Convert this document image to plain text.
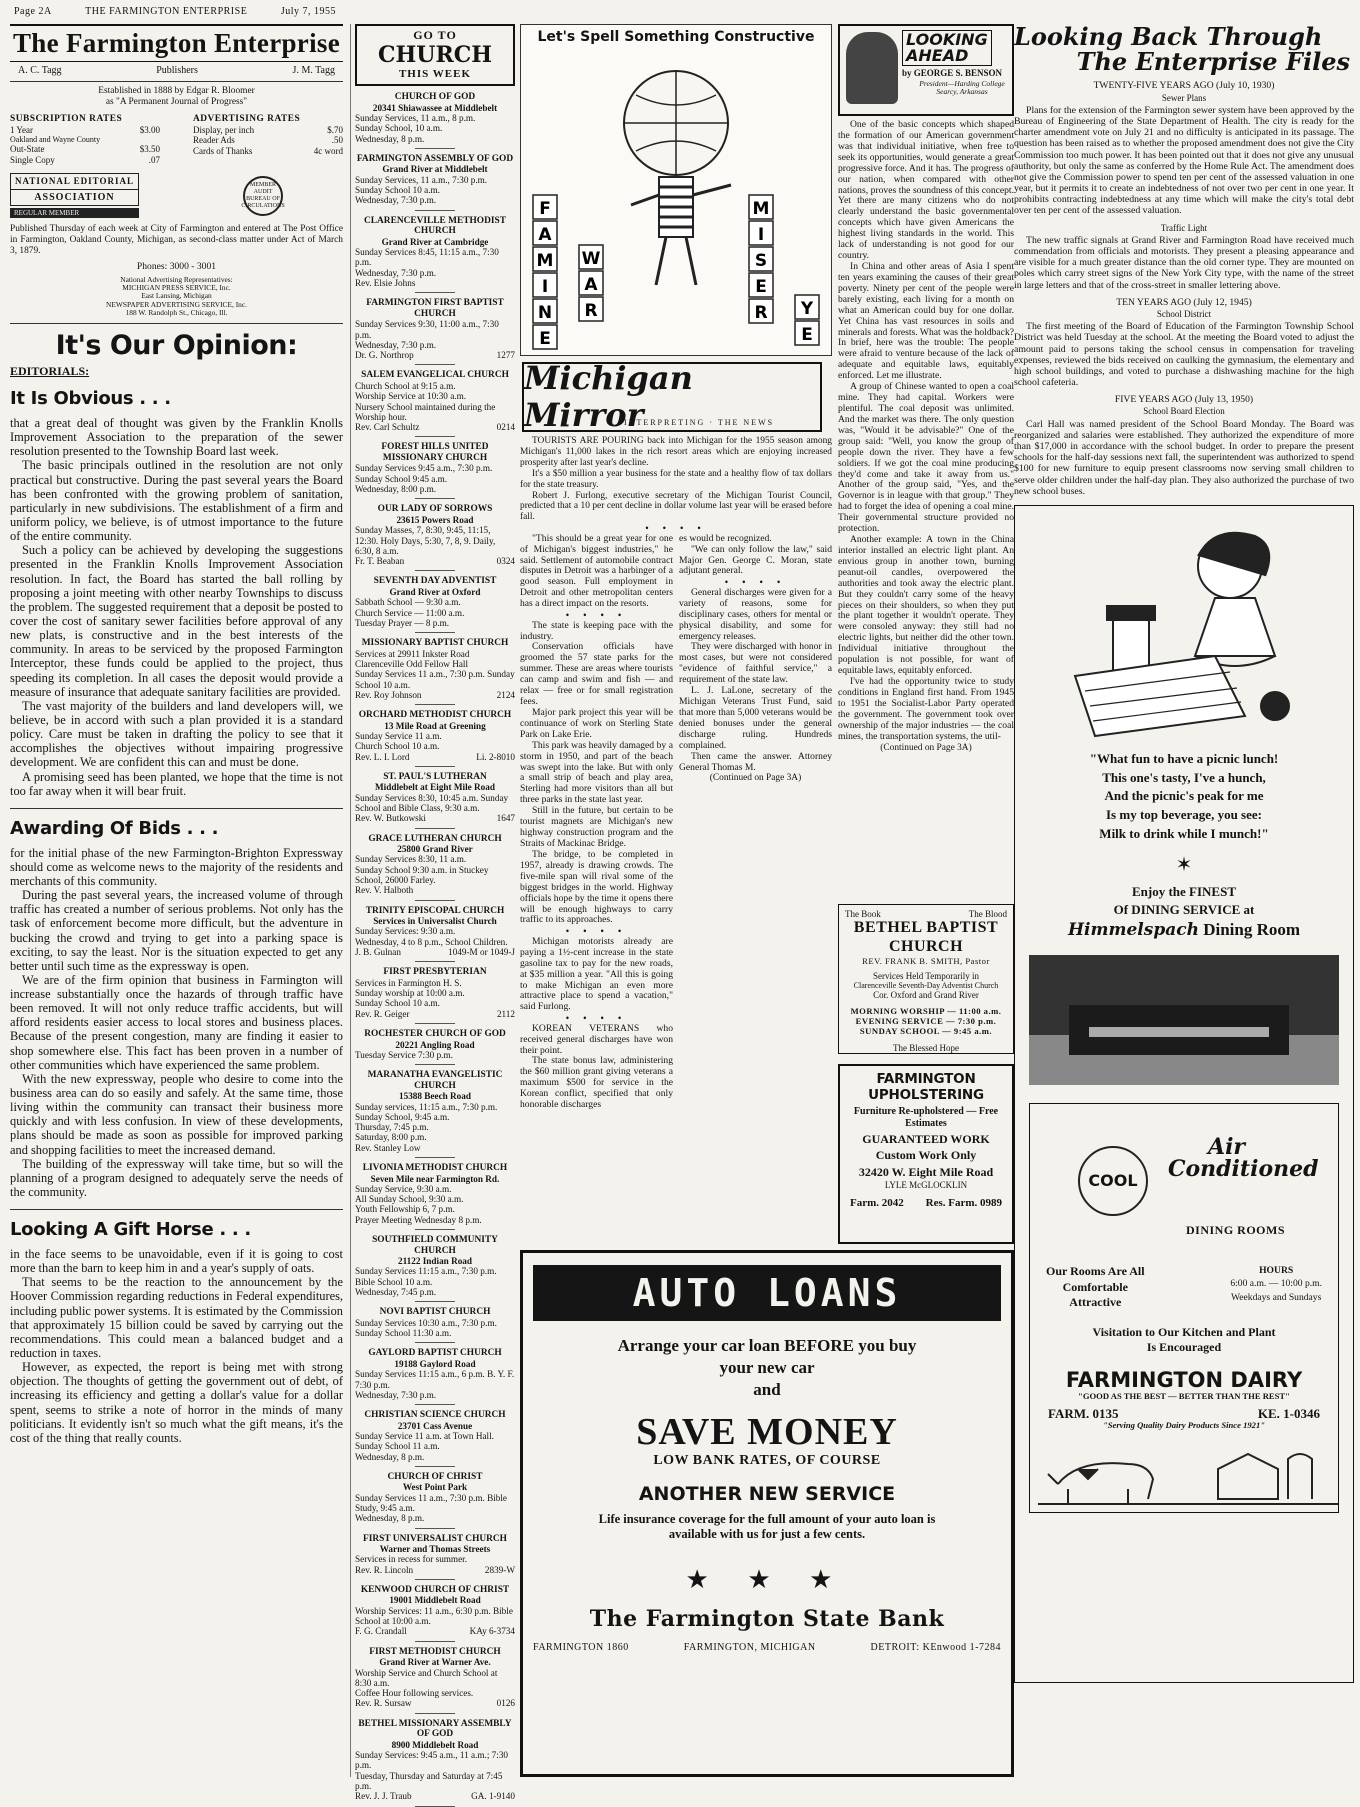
Page 2A	THE FARMINGTON ENTERPRISE	July 7, 1955
The Farmington Enterprise
A. C. Tagg	Publishers	J. M. Tagg
Established in 1888 by Edgar R. Bloomer
as "A Permanent Journal of Progress"
SUBSCRIPTION RATES
1 Year	$3.00
Oakland and Wayne County
Out-State	$3.50
Single Copy	.07
ADVERTISING RATES
Display, per inch	$.70
Reader Ads	.50
Cards of Thanks	4c word
NATIONAL EDITORIAL
ASSOCIATION
REGULAR MEMBER
MEMBER AUDIT BUREAU OF CIRCULATIONS

Published Thursday of each week at City of Farmington and entered at The Post Office in Farmington, Oakland County, Michigan, as second-class matter under Act of March 3, 1879.

Phones: 3000 - 3001
National Advertising Representatives:
MICHIGAN PRESS SERVICE, Inc.
East Lansing, Michigan
NEWSPAPER ADVERTISING SERVICE, Inc.
188 W. Randolph St., Chicago, Ill.
It's Our Opinion:
EDITORIALS:
It Is Obvious . . .

that a great deal of thought was given by the Franklin Knolls Improvement Association to the preparation of the sewer resolution presented to the Township Board last week.

The basic principals outlined in the resolution are not only practical but constructive. During the past several years the Board has been confronted with the growing problem of sanitation, particularly in new subdivisions. The establishment of a firm and uniform policy, we believe, is of utmost importance to the future of the entire community.

Such a policy can be achieved by developing the suggestions presented in the Franklin Knolls Improvement Association resolution. In fact, the Board has started the ball rolling by proposing a joint meeting with other nearby Townships to discuss the problem. The suggested requirement that a deposit be posted to cover the cost of sanitary sewer facilities before approval of any new plats, is constructive and in the best interests of the community. In areas to be serviced by the proposed Farmington Interceptor, these funds could be applied to the project, thus speeding its completion. In all cases the deposit would provide a measure of insurance that adequate sanitary facilities are provided.

The vast majority of the builders and land developers will, we believe, be in accord with such a plan provided it is a standard policy. Care must be taken in drafting the policy to see that it accomplishes the objectives without impairing progressive development. We are confident this can and must be done.

A promising seed has been planted, we hope that the time is not too far away when it will bear fruit.

Awarding Of Bids . . .

for the initial phase of the new Farmington-Brighton Expressway should come as welcome news to the majority of the residents and merchants of this community.

During the past several years, the increased volume of through traffic has created a number of serious problems. Not only has the task of enforcement become more difficult, but the adventure in bucking the crowd and trying to get into a parking space is exciting, to say the least. Nor is the situation expected to get any better until such time as the expressway is open.

We are of the firm opinion that business in Farmington will increase substantially once the hazards of through traffic have been removed. It will not only reduce traffic accidents, but will afford residents easier access to local stores and business places. Because of the present congestion, many are finding it easier to shop somewhere else. This fact has been proven in a number of other communities which have experienced the same problem.

With the new expressway, people who desire to come into the business area can do so easily and safely. At the same time, those living within the community can transact their business more quickly and with less confusion. In view of these developments, plans should be made as soon as possible for improved parking and shopping facilities to meet the increased demand.

The building of the expressway will take time, but so will the planning of a program designed to adequately serve the needs of the community.

Looking A Gift Horse . . .

in the face seems to be unavoidable, even if it is going to cost more than the barn to keep him in and a year's supply of oats.

That seems to be the reaction to the announcement by the Hoover Commission regarding reductions in Federal expenditures, including public power systems. It is estimated by the Commission that approximately 15 billion could be saved by carrying out the recommendations. This could mean a balanced budget and a reduction in taxes.

However, as expected, the report is being met with strong objection. The thoughts of getting the government out of debt, of increasing its efficiency and getting a dollar's value for a dollar spent, seems to strike a note of horror in the minds of many politicians. It evidently isn't so much what the gift means, it's the cost of the thing that really counts.

GO TO
CHURCH
THIS WEEK
CHURCH OF GOD
20341 Shiawassee at Middlebelt
Sunday Services, 11 a.m., 8 p.m.
Sunday School, 10 a.m.
Wednesday, 8 p.m.
FARMINGTON ASSEMBLY OF GOD
Grand River at Middlebelt
Sunday Services, 11 a.m., 7:30 p.m. Sunday School 10 a.m.
Wednesday, 7:30 p.m.
CLARENCEVILLE METHODIST CHURCH
Grand River at Cambridge
Sunday Services 8:45, 11:15 a.m., 7:30 p.m.
Wednesday, 7:30 p.m.
Rev. Elsie Johns
FARMINGTON FIRST BAPTIST CHURCH
Sunday Services 9:30, 11:00 a.m., 7:30 p.m.
Wednesday, 7:30 p.m.
Dr. G. Northrop	1277
SALEM EVANGELICAL CHURCH
Church School at 9:15 a.m.
Worship Service at 10:30 a.m.
Nursery School maintained during the Worship hour.
Rev. Carl Schultz	0214
FOREST HILLS UNITED MISSIONARY CHURCH
Sunday Services 9:45 a.m., 7:30 p.m. Sunday School 9:45 a.m.
Wednesday, 8:00 p.m.
OUR LADY OF SORROWS
23615 Powers Road
Sunday Masses, 7, 8:30, 9:45, 11:15, 12:30. Holy Days, 5:30, 7, 8, 9. Daily, 6:30, 8 a.m.
Fr. T. Beaban	0324
SEVENTH DAY ADVENTIST
Grand River at Oxford
Sabbath School — 9:30 a.m.
Church Service — 11:00 a.m.
Tuesday Prayer — 8 p.m.
MISSIONARY BAPTIST CHURCH
Services at 29911 Inkster Road Clarenceville Odd Fellow Hall
Sunday Services 11 a.m., 7:30 p.m. Sunday School 10 a.m.
Rev. Roy Johnson	2124
ORCHARD METHODIST CHURCH
13 Mile Road at Greening
Sunday Service 11 a.m.
Church School 10 a.m.
Rev. L. I. Lord	Li. 2-8010
ST. PAUL'S LUTHERAN
Middlebelt at Eight Mile Road
Sunday Services 8:30, 10:45 a.m. Sunday School and Bible Class, 9:30 a.m.
Rev. W. Butkowski	1647
GRACE LUTHERAN CHURCH
25800 Grand River
Sunday Services 8:30, 11 a.m.
Sunday School 9:30 a.m. in Stuckey School, 26000 Farley.
Rev. V. Halboth
TRINITY EPISCOPAL CHURCH
Services in Universalist Church
Sunday Services: 9:30 a.m.
Wednesday, 4 to 8 p.m., School Children.
J. B. Gulnan	1049-M or 1049-J
FIRST PRESBYTERIAN
Services in Farmington H. S.
Sunday worship at 10:00 a.m.
Sunday School 10 a.m.
Rev. R. Geiger	2112
ROCHESTER CHURCH OF GOD
20221 Angling Road
Tuesday Service 7:30 p.m.
MARANATHA EVANGELISTIC CHURCH
15388 Beech Road
Sunday services, 11:15 a.m., 7:30 p.m. Sunday School, 9:45 a.m.
Thursday, 7:45 p.m.
Saturday, 8:00 p.m.
Rev. Stanley Low
LIVONIA METHODIST CHURCH
Seven Mile near Farmington Rd.
Sunday Service, 9:30 a.m.
All Sunday School, 9:30 a.m.
Youth Fellowship 6, 7 p.m.
Prayer Meeting Wednesday 8 p.m.
SOUTHFIELD COMMUNITY CHURCH
21122 Indian Road
Sunday Services 11:15 a.m., 7:30 p.m. Bible School 10 a.m.
Wednesday, 7:45 p.m.
NOVI BAPTIST CHURCH
Sunday Services 10:30 a.m., 7:30 p.m. Sunday School 11:30 a.m.
GAYLORD BAPTIST CHURCH
19188 Gaylord Road
Sunday Services 11:15 a.m., 6 p.m. B. Y. F. 7:30 p.m.
Wednesday, 7:30 p.m.
CHRISTIAN SCIENCE CHURCH
23701 Cass Avenue
Sunday Service 11 a.m. at Town Hall. Sunday School 11 a.m.
Wednesday, 8 p.m.
CHURCH OF CHRIST
West Point Park
Sunday Services 11 a.m., 7:30 p.m. Bible Study, 9:45 a.m.
Wednesday, 8 p.m.
FIRST UNIVERSALIST CHURCH
Warner and Thomas Streets
Services in recess for summer.
Rev. R. Lincoln	2839-W
KENWOOD CHURCH OF CHRIST
19001 Middlebelt Road
Worship Services: 11 a.m., 6:30 p.m. Bible School at 10:00 a.m.
F. G. Crandall	KAy 6-3734
FIRST METHODIST CHURCH
Grand River at Warner Ave.
Worship Service and Church School at 8:30 a.m.
Coffee Hour following services.
Rev. R. Sursaw	0126
BETHEL MISSIONARY ASSEMBLY OF GOD
8900 Middlebelt Road
Sunday Services: 9:45 a.m., 11 a.m.; 7:30 p.m.
Tuesday, Thursday and Saturday at 7:45 p.m.
Rev. J. J. Traub	GA. 1-9140
Let's Spell Something Constructive
F
A
M
I
N
E
W
A
R
M
I
S
E
R Y
E
LOOKING
AHEAD
by GEORGE S. BENSON
President—Harding College Searcy, Arkansas

One of the basic concepts which shaped the formation of our American government was that individual initiative, when free to seek its opportunities, would generate a great progressive force. And it has. The progress of our nation, when compared with other nations, proves the soundness of this concept. Yet there are many citizens who do not clearly understand the basic governmental concepts which have given Americans the highest living standards in the world. This lack of understanding is not good for our country.

In China and other areas of Asia I spent ten years examining the causes of their great poverty. Ninety per cent of the people were barely existing, each living for a month on what an American could buy for one dollar. Yet China has vast resources in soils and minerals and forests. What was the holdback? In brief, here was the trouble: The people were afraid to venture because of the lack of adequate and equitable laws, equitably enforced. Let me illustrate.

A group of Chinese wanted to open a coal mine. They had capital. Workers were plentiful. The coal deposit was unlimited. And the market was there. The only question was, "Would it be advisable?" One of the group said: "Well, you know the group of people down the river. They have a few soldiers. If we got the coal mine producing they'd come and take it away from us." Another of the group said, "Yes, and the Governor is in league with that group." They had to forget the idea of opening a coal mine. Their governmental structure provided no protection.

Another example: A town in the China interior installed an electric light plant. An envious group in another town, burning peanut-oil candles, overpowered the authorities and took away the electric plant. But they couldn't carry some of the heavy pieces on their shoulders, so when they put the plant together it wouldn't operate. They were consoled anyway: they still had no electric lights, but neither did the other town. Individual initiative throughout the population is not possible, for want of equitable laws, equitably enforced.

I've had the opportunity twice to study conditions in England first hand. From 1945 to 1951 the Socialist-Labor Party operated the government. The government took over ownership of the major industries — the coal mines, the transportation systems, the util-

(Continued on Page 3A)
Michigan Mirror
INTERPRETING · THE NEWS

TOURISTS ARE POURING back into Michigan for the 1955 season among Michigan's 11,000 lakes in the rich resort areas which are enjoying increased prosperity after last year's decline.

It's a $50 million a year business for the state and a healthy flow of tax dollars for the state treasury.

Robert J. Furlong, executive secretary of the Michigan Tourist Council, predicted that a 10 per cent decline in dollar volume last year will be erased before fall.

• • • •

"This should be a great year for one of Michigan's biggest industries," he said. Settlement of automobile contract disputes in Detroit was a harbinger of a good season. Full employment in Detroit and other metropolitan centers has a direct impact on the resorts.

• • • •

The state is keeping pace with the industry.

Conservation officials have groomed the 57 state parks for the summer. These are areas where tourists can camp and swim and fish — and relax — free or for small registration fees.

Major park project this year will be continuance of work on Sterling State Park on Lake Erie.

This park was heavily damaged by a storm in 1950, and part of the beach was swept into the lake. But with only a small strip of beach and play area, Sterling had more visitors than all but three parks in the state last year.

Still in the future, but certain to be tourist magnets are Michigan's new highway construction program and the Straits of Mackinac Bridge.

The bridge, to be completed in 1957, already is drawing crowds. The five-mile span will rival some of the biggest bridges in the world. Highway officials hope by the time it opens there will be enough highways to carry traffic to its approaches.

• • • •

Michigan motorists already are paying a 1½-cent increase in the state gasoline tax to pay for the new roads, at $35 million a year. "All this is going to make Michigan an even more attractive place to spend a vacation," said Furlong.

• • • •

KOREAN VETERANS who received general discharges have won their point.

The state bonus law, administering the $60 million grant giving veterans a maximum $500 for service in the Korean conflict, specified that only honorable discharges

es would be recognized.

"We can only follow the law," said Major Gen. George C. Moran, state adjutant general.

• • • •

General discharges were given for a variety of reasons, some for disciplinary cases, others for mental or physical disability, and some for emergency releases.

They were discharged with honor in most cases, but were not considered "evidence of faithful service," a requirement of the state law.

L. J. LaLone, secretary of the Michigan Veterans Trust Fund, said that more than 5,000 veterans would be denied bonuses under the general discharge ruling. Hundreds complained.

Then came the answer. Attorney General Thomas M.

(Continued on Page 3A)
The Book	The Blood
BETHEL BAPTIST CHURCH
REV. FRANK B. SMITH, Pastor
Services Held Temporarily in
Clarenceville Seventh-Day Adventist Church
Cor. Oxford and Grand River
MORNING WORSHIP — 11:00 a.m.
EVENING SERVICE — 7:30 p.m.
SUNDAY SCHOOL — 9:45 a.m.
The Blessed Hope
FARMINGTON UPHOLSTERING
Furniture Re-upholstered — Free Estimates
GUARANTEED WORK
Custom Work Only
32420 W. Eight Mile Road
LYLE McGLOCKLIN
Farm. 2042 Res. Farm. 0989
AUTO LOANS
Arrange your car loan BEFORE you buy
your new car
and
SAVE MONEY
LOW BANK RATES, OF COURSE
ANOTHER NEW SERVICE
Life insurance coverage for the full amount of your auto loan is available with us for just a few cents.
★ ★ ★
The Farmington State Bank
FARMINGTON 1860	FARMINGTON, MICHIGAN	DETROIT: KEnwood 1-7284
Looking Back Through
The Enterprise Files
TWENTY-FIVE YEARS AGO (July 10, 1930)
Sewer Plans

Plans for the extension of the Farmington sewer system have been approved by the Bureau of Engineering of the State Department of Health. The city is ready for the charter amendment vote on July 21 and no difficulty is anticipated in its passage. The question has been raised as to whether the proposed amendment does not give the City Commission too much power. It has been pointed out that it does not give any unusual authority, but only the same as conferred by the Home Rule Act. The amendment does not give the Commission power to spend ten per cent of the assessed valuation in one year, but it permits it to create an indebtedness of not over two per cent in one year. It prohibits contracting indebtedness at any time which will make the city's total debt over ten per cent of the assessed valuation.

Traffic Light

The new traffic signals at Grand River and Farmington Road have received much commendation from officials and motorists. They present a pleasing appearance and are visible for a much greater distance than the old corner type. They are mounted on poles which carry street signs of the New York City type, with the name of the street in large letters and that of the cross-street in smaller lettering above.

TEN YEARS AGO (July 12, 1945)
School District

The first meeting of the Board of Education of the Farmington Township School District was held Tuesday at the school. At the meeting the Board voted to adjust the amount paid to persons taking the school census in compensation for traveling expenses, reviewed the bids received on caulking the gymnasium, the elementary and high school buildings, and voted to purchase a dishwashing machine for the high school cafeteria.

FIVE YEARS AGO (July 13, 1950)
School Board Election

Carl Hall was named president of the School Board Monday. The Board was reorganized and salaries were established. They authorized the expenditure of more than $17,000 in accordance with the school budget. In order to prepare the present schools for the half-day sessions next fall, the superintendent was authorized to spend $100 for new furniture to equip present classrooms now serving small children to serve older children under the half-day plan. They also authorized the purchase of two new school buses.

"What fun to have a picnic lunch!
This one's tasty, I've a hunch,
And the picnic's peak for me
Is my top beverage, you see:
Milk to drink while I munch!"
✶
Enjoy the FINEST
Of DINING SERVICE at
Himmelspach Dining Room
COOL
Air
Conditioned
DINING ROOMS
Our Rooms Are All
Comfortable
Attractive
HOURS
6:00 a.m. — 10:00 p.m.
Weekdays and Sundays
Visitation to Our Kitchen and Plant
Is Encouraged
FARMINGTON DAIRY
"GOOD AS THE BEST — BETTER THAN THE REST"
FARM. 0135	KE. 1-0346
"Serving Quality Dairy Products Since 1921"
